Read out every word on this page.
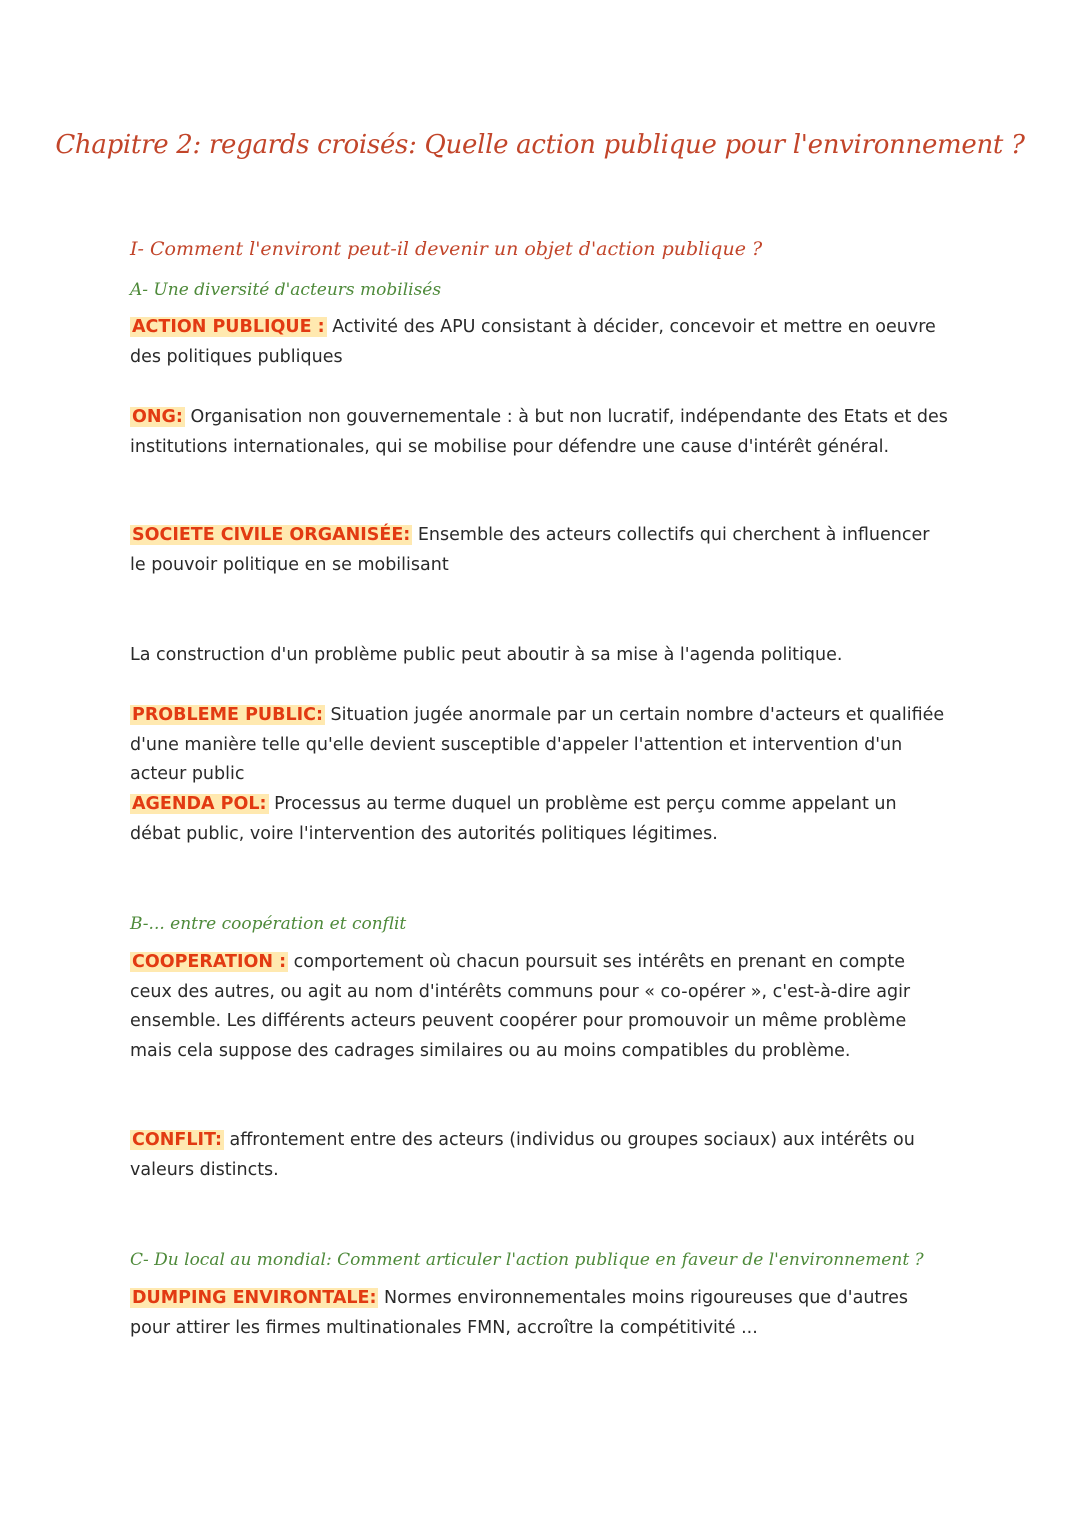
Chapitre 2: regards croisés: Quelle action publique pour l'environnement ?
I- Comment l'environt peut-il devenir un objet d'action publique ?
A- Une diversité d'acteurs mobilisés

ACTION PUBLIQUE : Activité des APU consistant à décider, concevoir et mettre en oeuvre des politiques publiques

ONG: Organisation non gouvernementale : à but non lucratif, indépendante des Etats et des institutions internationales, qui se mobilise pour défendre une cause d'intérêt général.

SOCIETE CIVILE ORGANISÉE: Ensemble des acteurs collectifs qui cherchent à influencer le pouvoir politique en se mobilisant

La construction d'un problème public peut aboutir à sa mise à l'agenda politique.

PROBLEME PUBLIC: Situation jugée anormale par un certain nombre d'acteurs et qualifiée d'une manière telle qu'elle devient susceptible d'appeler l'attention et intervention d'un acteur public

AGENDA POL: Processus au terme duquel un problème est perçu comme appelant un débat public, voire l'intervention des autorités politiques légitimes.

B-... entre coopération et conflit

COOPERATION : comportement où chacun poursuit ses intérêts en prenant en compte ceux des autres, ou agit au nom d'intérêts communs pour « co-opérer », c'est-à-dire agir ensemble. Les différents acteurs peuvent coopérer pour promouvoir un même problème mais cela suppose des cadrages similaires ou au moins compatibles du problème.

CONFLIT: affrontement entre des acteurs (individus ou groupes sociaux) aux intérêts ou valeurs distincts.

C- Du local au mondial: Comment articuler l'action publique en faveur de l'environnement ?

DUMPING ENVIRONTALE: Normes environnementales moins rigoureuses que d'autres pour attirer les firmes multinationales FMN, accroître la compétitivité ...
